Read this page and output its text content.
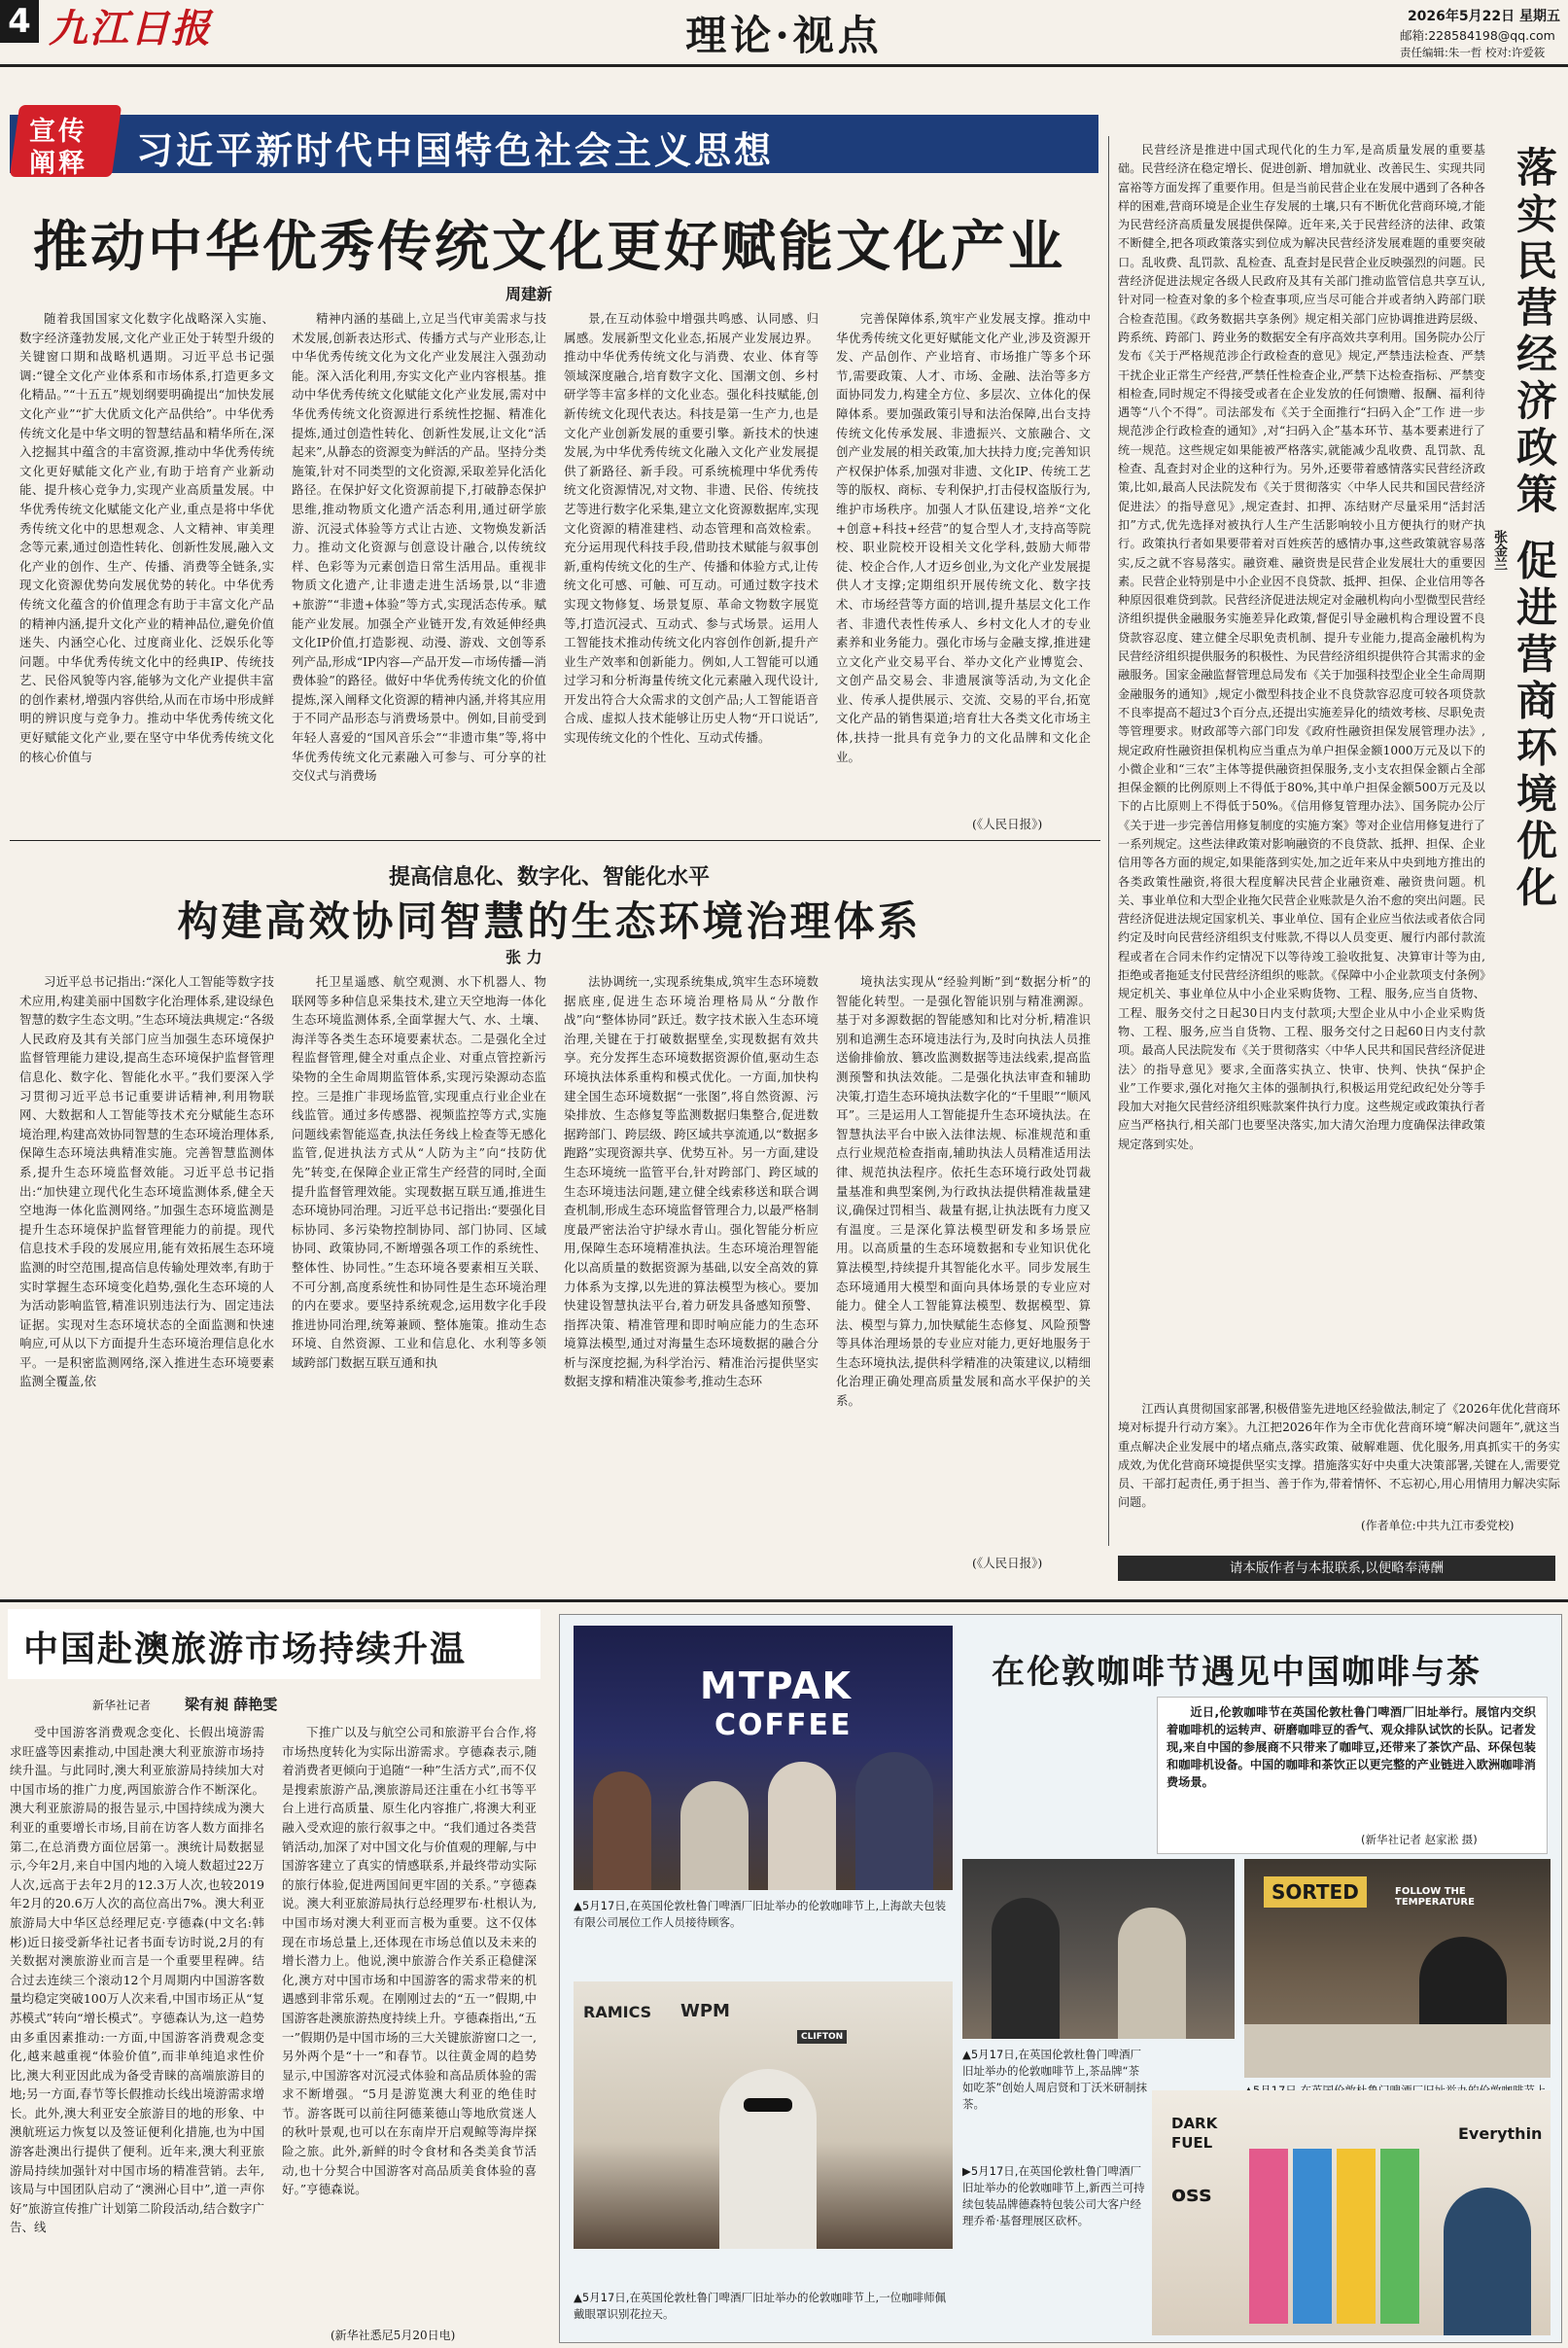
4 九江日报	理论·视点	2026年5月22日 星期五
邮箱:228584198@qq.com
责任编辑:朱一哲 校对:许爱筱
宣传
阐释 习近平新时代中国特色社会主义思想
推动中华优秀传统文化更好赋能文化产业
周建新

随着我国国家文化数字化战略深入实施、数字经济蓬勃发展,文化产业正处于转型升级的关键窗口期和战略机遇期。习近平总书记强调:“键全文化产业体系和市场体系,打造更多文化精品。”“十五五”规划纲要明确提出“加快发展文化产业”“扩大优质文化产品供给”。中华优秀传统文化是中华文明的智慧结晶和精华所在,深入挖掘其中蕴含的丰富资源,推动中华优秀传统文化更好赋能文化产业,有助于培育产业新动能、提升核心竞争力,实现产业高质量发展。中华优秀传统文化赋能文化产业,重点是将中华优秀传统文化中的思想观念、人文精神、审美理念等元素,通过创造性转化、创新性发展,融入文化产业的创作、生产、传播、消费等全链条,实现文化资源优势向发展优势的转化。中华优秀传统文化蕴含的价值理念有助于丰富文化产品的精神内涵,提升文化产业的精神品位,避免价值迷失、内涵空心化、过度商业化、泛娱乐化等问题。中华优秀传统文化中的经典IP、传统技艺、民俗风貌等内容,能够为文化产业提供丰富的创作素材,增强内容供给,从而在市场中形成鲜明的辨识度与竞争力。推动中华优秀传统文化更好赋能文化产业,要在坚守中华优秀传统文化的核心价值与

精神内涵的基础上,立足当代审美需求与技术发展,创新表达形式、传播方式与产业形态,让中华优秀传统文化为文化产业发展注入强劲动能。深入活化利用,夯实文化产业内容根基。推动中华优秀传统文化赋能文化产业发展,需对中华优秀传统文化资源进行系统性挖掘、精准化提炼,通过创造性转化、创新性发展,让文化“活起来”,从静态的资源变为鲜活的产品。坚持分类施策,针对不同类型的文化资源,采取差异化活化路径。在保护好文化资源前提下,打破静态保护思维,推动物质文化遗产活态利用,通过研学旅游、沉浸式体验等方式让古迹、文物焕发新活力。推动文化资源与创意设计融合,以传统纹样、色彩等为元素创造日常生活用品。重视非物质文化遗产,让非遗走进生活场景,以“非遗+旅游”“非遗+体验”等方式,实现活态传承。赋能产业发展。加强全产业链开发,有效延伸经典文化IP价值,打造影视、动漫、游戏、文创等系列产品,形成“IP内容—产品开发—市场传播—消费体验”的路径。做好中华优秀传统文化的价值提炼,深入阐释文化资源的精神内涵,并将其应用于不同产品形态与消费场景中。例如,目前受到年轻人喜爱的“国风音乐会”“非遗市集”等,将中华优秀传统文化元素融入可参与、可分享的社交仪式与消费场

景,在互动体验中增强共鸣感、认同感、归属感。发展新型文化业态,拓展产业发展边界。推动中华优秀传统文化与消费、农业、体育等领域深度融合,培育数字文化、国潮文创、乡村研学等丰富多样的文化业态。强化科技赋能,创新传统文化现代表达。科技是第一生产力,也是文化产业创新发展的重要引擎。新技术的快速发展,为中华优秀传统文化融入文化产业发展提供了新路径、新手段。可系统梳理中华优秀传统文化资源情况,对文物、非遗、民俗、传统技艺等进行数字化采集,建立文化资源数据库,实现文化资源的精准建档、动态管理和高效检索。充分运用现代科技手段,借助技术赋能与叙事创新,重构传统文化的生产、传播和体验方式,让传统文化可感、可触、可互动。可通过数字技术实现文物修复、场景复原、革命文物数字展览等,打造沉浸式、互动式、参与式场景。运用人工智能技术推动传统文化内容创作创新,提升产业生产效率和创新能力。例如,人工智能可以通过学习和分析海量传统文化元素融入现代设计,开发出符合大众需求的文创产品;人工智能语音合成、虚拟人技术能够让历史人物“开口说话”,实现传统文化的个性化、互动式传播。

完善保障体系,筑牢产业发展支撑。推动中华优秀传统文化更好赋能文化产业,涉及资源开发、产品创作、产业培育、市场推广等多个环节,需要政策、人才、市场、金融、法治等多方面协同发力,构建全方位、多层次、立体化的保障体系。要加强政策引导和法治保障,出台支持传统文化传承发展、非遗振兴、文旅融合、文创产业发展的相关政策,加大扶持力度;完善知识产权保护体系,加强对非遗、文化IP、传统工艺等的版权、商标、专利保护,打击侵权盗版行为,维护市场秩序。加强人才队伍建设,培养“文化+创意+科技+经营”的复合型人才,支持高等院校、职业院校开设相关文化学科,鼓励大师带徒、校企合作,人才迈乡创业,为文化产业发展提供人才支撑;定期组织开展传统文化、数字技术、市场经营等方面的培训,提升基层文化工作者、非遗代表性传承人、乡村文化人才的专业素养和业务能力。强化市场与金融支撑,推进建立文化产业交易平台、举办文化产业博览会、文创产品交易会、非遗展演等活动,为文化企业、传承人提供展示、交流、交易的平台,拓宽文化产品的销售渠道;培育壮大各类文化市场主体,扶持一批具有竞争力的文化品牌和文化企业。

(《人民日报》)
提高信息化、数字化、智能化水平
构建高效协同智慧的生态环境治理体系
张 力

习近平总书记指出:“深化人工智能等数字技术应用,构建美丽中国数字化治理体系,建设绿色智慧的数字生态文明。”生态环境法典规定:“各级人民政府及其有关部门应当加强生态环境保护监督管理能力建设,提高生态环境保护监督管理信息化、数字化、智能化水平。”我们要深入学习贯彻习近平总书记重要讲话精神,利用物联网、大数据和人工智能等技术充分赋能生态环境治理,构建高效协同智慧的生态环境治理体系,保障生态环境法典精准实施。完善智慧监测体系,提升生态环境监督效能。习近平总书记指出:“加快建立现代化生态环境监测体系,健全天空地海一体化监测网络。”加强生态环境监测是提升生态环境保护监督管理能力的前提。现代信息技术手段的发展应用,能有效拓展生态环境监测的时空范围,提高信息传输处理效率,有助于实时掌握生态环境变化趋势,强化生态环境的人为活动影响监管,精准识别违法行为、固定违法证据。实现对生态环境状态的全面监测和快速响应,可从以下方面提升生态环境治理信息化水平。一是积密监测网络,深入推进生态环境要素监测全覆盖,依

托卫星遥感、航空观测、水下机器人、物联网等多种信息采集技术,建立天空地海一体化生态环境监测体系,全面掌握大气、水、土壤、海洋等各类生态环境要素状态。二是强化全过程监督管理,健全对重点企业、对重点管控新污染物的全生命周期监管体系,实现污染源动态监控。三是推广非现场监管,实现重点行业企业在线监管。通过多传感器、视频监控等方式,实施问题线索智能巡查,执法任务线上检查等无感化监管,促进执法方式从“人防为主”向“技防优先”转变,在保障企业正常生产经营的同时,全面提升监督管理效能。实现数据互联互通,推进生态环境协同治理。习近平总书记指出:“要强化目标协同、多污染物控制协同、部门协同、区域协同、政策协同,不断增强各项工作的系统性、整体性、协同性。”生态环境各要素相互关联、不可分割,高度系统性和协同性是生态环境治理的内在要求。要坚持系统观念,运用数字化手段推进协同治理,统筹兼顾、整体施策。推动生态环境、自然资源、工业和信息化、水利等多领域跨部门数据互联互通和执

法协调统一,实现系统集成,筑牢生态环境数据底座,促进生态环境治理格局从“分散作战”向“整体协同”跃迁。数字技术嵌入生态环境治理,关键在于打破数据壁垒,实现数据有效共享。充分发挥生态环境数据资源价值,驱动生态环境执法体系重构和模式优化。一方面,加快构建全国生态环境数据“一张图”,将自然资源、污染排放、生态修复等监测数据归集整合,促进数据跨部门、跨层级、跨区域共享流通,以“数据多跑路”实现资源共享、优势互补。另一方面,建设生态环境统一监管平台,针对跨部门、跨区域的生态环境违法问题,建立健全线索移送和联合调查机制,形成生态环境监督管理合力,以最严格制度最严密法治守护绿水青山。强化智能分析应用,保障生态环境精准执法。生态环境治理智能化以高质量的数据资源为基础,以安全高效的算力体系为支撑,以先进的算法模型为核心。要加快建设智慧执法平台,着力研发具备感知预警、指挥决策、精准管理和即时响应能力的生态环境算法模型,通过对海量生态环境数据的融合分析与深度挖掘,为科学治污、精准治污提供坚实数据支撑和精准决策参考,推动生态环

境执法实现从“经验判断”到“数据分析”的智能化转型。一是强化智能识别与精准溯源。基于对多源数据的智能感知和比对分析,精准识别和追溯生态环境违法行为,及时向执法人员推送偷排偷放、篡改监测数据等违法线索,提高监测预警和执法效能。二是强化执法审查和辅助决策,打造生态环境执法数字化的“千里眼”“顺风耳”。三是运用人工智能提升生态环境执法。在智慧执法平台中嵌入法律法规、标准规范和重点行业规范检查指南,辅助执法人员精准适用法律、规范执法程序。依托生态环境行政处罚裁量基准和典型案例,为行政执法提供精准裁量建议,确保过罚相当、裁量有据,让执法既有力度又有温度。三是深化算法模型研发和多场景应用。以高质量的生态环境数据和专业知识优化算法模型,持续提升其智能化水平。同步发展生态环境通用大模型和面向具体场景的专业应对能力。健全人工智能算法模型、数据模型、算法、模型与算力,加快赋能生态修复、风险预警等具体治理场景的专业应对能力,更好地服务于生态环境执法,提供科学精准的决策建议,以精细化治理正确处理高质量发展和高水平保护的关系。

(《人民日报》)

民营经济是推进中国式现代化的生力军,是高质量发展的重要基础。民营经济在稳定增长、促进创新、增加就业、改善民生、实现共同富裕等方面发挥了重要作用。但是当前民营企业在发展中遇到了各种各样的困难,营商环境是企业生存发展的土壤,只有不断优化营商环境,才能为民营经济高质量发展提供保障。近年来,关于民营经济的法律、政策不断健全,把各项政策落实到位成为解决民营经济发展难题的重要突破口。乱收费、乱罚款、乱检查、乱查封是民营企业反映强烈的问题。民营经济促进法规定各级人民政府及其有关部门推动监管信息共享互认,针对同一检查对象的多个检查事项,应当尽可能合并或者纳入跨部门联合检查范围。《政务数据共享条例》规定相关部门应协调推进跨层级、跨系统、跨部门、跨业务的数据安全有序高效共享利用。国务院办公厅发布《关于严格规范涉企行政检查的意见》规定,严禁违法检查、严禁干扰企业正常生产经营,严禁任性检查企业,严禁下达检查指标、严禁变相检查,同时规定不得接受或者在企业发放的任何馈赠、报酬、福利待遇等“八个不得”。司法部发布《关于全面推行“扫码入企”工作 进一步规范涉企行政检查的通知》,对“扫码入企”基本环节、基本要素进行了统一规范。这些规定如果能被严格落实,就能减少乱收费、乱罚款、乱检查、乱查封对企业的这种行为。另外,还要带着感情落实民营经济政策,比如,最高人民法院发布《关于贯彻落实〈中华人民共和国民营经济促进法〉的指导意见》,规定查封、扣押、冻结财产尽量采用“活封活扣”方式,优先选择对被执行人生产生活影响较小且方便执行的财产执行。政策执行者如果要带着对百姓疾苦的感情办事,这些政策就容易落实,反之就不容易落实。融资难、融资贵是民营企业发展壮大的重要因素。民营企业特别是中小企业因不良贷款、抵押、担保、企业信用等各种原因很难贷到款。民营经济促进法规定对金融机构向小型微型民营经济组织提供金融服务实施差异化政策,督促引导金融机构合理设置不良贷款容忍度、建立健全尽职免责机制、提升专业能力,提高金融机构为民营经济组织提供服务的积极性、为民营经济组织提供符合其需求的金融服务。国家金融监督管理总局发布《关于加强科技型企业全生命周期金融服务的通知》,规定小微型科技企业不良贷款容忍度可较各项贷款不良率提高不超过3个百分点,还提出实施差异化的绩效考核、尽职免责等管理要求。财政部等六部门印发《政府性融资担保发展管理办法》,规定政府性融资担保机构应当重点为单户担保金额1000万元及以下的小微企业和“三农”主体等提供融资担保服务,支小支农担保金额占全部担保金额的比例原则上不得低于80%,其中单户担保金额500万元及以下的占比原则上不得低于50%。《信用修复管理办法》、国务院办公厅《关于进一步完善信用修复制度的实施方案》等对企业信用修复进行了一系列规定。这些法律政策对影响融资的不良贷款、抵押、担保、企业信用等各方面的规定,如果能落到实处,加之近年来从中央到地方推出的各类政策性融资,将很大程度解决民营企业融资难、融资贵问题。机关、事业单位和大型企业拖欠民营企业账款是久治不愈的突出问题。民营经济促进法规定国家机关、事业单位、国有企业应当依法或者依合同约定及时向民营经济组织支付账款,不得以人员变更、履行内部付款流程或者在合同未作约定情况下以等待竣工验收批复、决算审计等为由,拒绝或者拖延支付民营经济组织的账款。《保障中小企业款项支付条例》规定机关、事业单位从中小企业采购货物、工程、服务,应当自货物、工程、服务交付之日起30日内支付款项;大型企业从中小企业采购货物、工程、服务,应当自货物、工程、服务交付之日起60日内支付款项。最高人民法院发布《关于贯彻落实〈中华人民共和国民营经济促进法〉的指导意见》要求,全面落实执立、快审、快判、快执“保护企业”工作要求,强化对拖欠主体的强制执行,积极运用党纪政纪处分等手段加大对拖欠民营经济组织账款案件执行力度。这些规定或政策执行者应当严格执行,相关部门也要坚决落实,加大清欠治理力度确保法律政策规定落到实处。

落实民营经济政策 促进营商环境优化
张金兰

江西认真贯彻国家部署,积极借鉴先进地区经验做法,制定了《2026年优化营商环境对标提升行动方案》。九江把2026年作为全市优化营商环境“解决问题年”,就这当重点解决企业发展中的堵点痛点,落实政策、破解难题、优化服务,用真抓实干的务实成效,为优化营商环境提供坚实支撑。措施落实好中央重大决策部署,关键在人,需要党员、干部打起责任,勇于担当、善于作为,带着情怀、不忘初心,用心用情用力解决实际问题。

(作者单位:中共九江市委党校)
请本版作者与本报联系,以便略奉薄酬
中国赴澳旅游市场持续升温
新华社记者 梁有昶 薛艳雯

受中国游客消费观念变化、长假出境游需求旺盛等因素推动,中国赴澳大利亚旅游市场持续升温。与此同时,澳大利亚旅游局持续加大对中国市场的推广力度,两国旅游合作不断深化。澳大利亚旅游局的报告显示,中国持续成为澳大利亚的重要增长市场,目前在访客人数方面排名第二,在总消费方面位居第一。澳统计局数据显示,今年2月,来自中国内地的入境人数超过22万人次,远高于去年2月的12.3万人次,也较2019年2月的20.6万人次的高位高出7%。澳大利亚旅游局大中华区总经理尼克·亨德森(中文名:韩彬)近日接受新华社记者书面专访时说,2月的有关数据对澳旅游业而言是一个重要里程碑。结合过去连续三个滚动12个月周期内中国游客数量均稳定突破100万人次来看,中国市场正从“复苏模式”转向“增长模式”。亨德森认为,这一趋势由多重因素推动:一方面,中国游客消费观念变化,越来越重视“体验价值”,而非单纯追求性价比,澳大利亚因此成为备受青睐的高端旅游目的地;另一方面,春节等长假推动长线出境游需求增长。此外,澳大利亚安全旅游目的地的形象、中澳航班运力恢复以及签证便利化措施,也为中国游客赴澳出行提供了便利。近年来,澳大利亚旅游局持续加强针对中国市场的精准营销。去年,该局与中国团队启动了“澳洲心目中”,道一声你好”旅游宣传推广计划第二阶段活动,结合数字广告、线

下推广以及与航空公司和旅游平台合作,将市场热度转化为实际出游需求。亨德森表示,随着消费者更倾向于追随“一种”生活方式”,而不仅是搜索旅游产品,澳旅游局还注重在小红书等平台上进行高质量、原生化内容推广,将澳大利亚融入受欢迎的旅行叙事之中。“我们通过各类营销活动,加深了对中国文化与价值观的理解,与中国游客建立了真实的情感联系,并最终带动实际的旅行体验,促进两国间更牢固的关系。”亨德森说。澳大利亚旅游局执行总经理罗布·杜根认为,中国市场对澳大利亚而言极为重要。这不仅体现在市场总量上,还体现在市场总值以及未来的增长潜力上。他说,澳中旅游合作关系正稳健深化,澳方对中国市场和中国游客的需求带来的机遇感到非常乐观。在刚刚过去的“五一”假期,中国游客赴澳旅游热度持续上升。亨德森指出,“五一”假期仍是中国市场的三大关键旅游窗口之一,另外两个是“十一”和春节。以往黄金周的趋势显示,中国游客对沉浸式体验和高品质体验的需求不断增强。“5月是游览澳大利亚的绝佳时节。游客既可以前往阿德莱德山等地欣赏迷人的秋叶景观,也可以在东南岸开启观鲸等海岸探险之旅。此外,新鲜的时令食材和各类美食节活动,也十分契合中国游客对高品质美食体验的喜好。”亨德森说。

(新华社悉尼5月20日电)
MTPAK
COFFEE
在伦敦咖啡节遇见中国咖啡与茶

近日,伦敦咖啡节在英国伦敦杜鲁门啤酒厂旧址举行。展馆内交织着咖啡机的运转声、研磨咖啡豆的香气、观众排队试饮的长队。记者发现,来自中国的参展商不只带来了咖啡豆,还带来了茶饮产品、环保包装和咖啡机设备。中国的咖啡和茶饮正以更完整的产业链进入欧洲咖啡消费场景。

(新华社记者 赵家淞 摄)
SORTED	FOLLOW THE TEMPERATURE
▲5月17日,在英国伦敦杜鲁门啤酒厂旧址举办的伦敦咖啡节上,上海歆夫包装有限公司展位工作人员接待顾客。
RAMICS WPM
CLIFTON
▲5月17日,在英国伦敦杜鲁门啤酒厂旧址举办的伦敦咖啡节上,一位咖啡师佩戴眼罩识别花拉天。
▲5月17日,在英国伦敦杜鲁门啤酒厂旧址举办的伦敦咖啡节上,茶品牌“茶如吃茶”创始人周启贤和丁沃米研制抹茶。
DARK
FUEL
oss
Everythin
▶5月17日,在英国伦敦杜鲁门啤酒厂旧址举办的伦敦咖啡节上,新西兰可持续包装品牌德森特包装公司大客户经理乔希·基督理展区砍杯。
